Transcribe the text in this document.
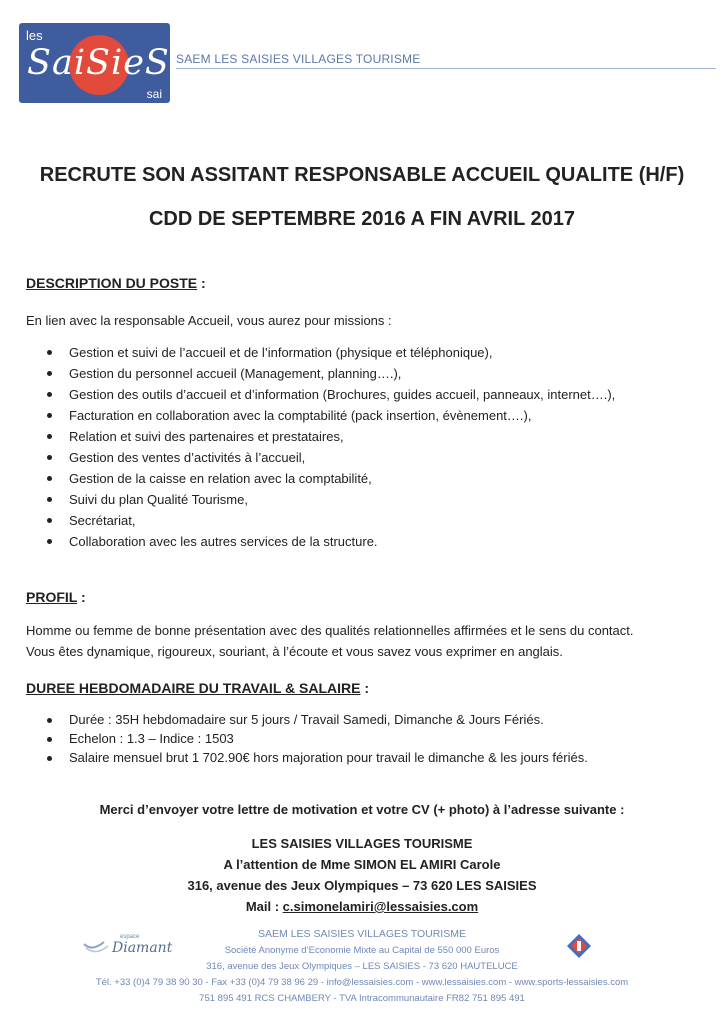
les
SaiSieS
sai
SAEM LES SAISIES VILLAGES TOURISME
RECRUTE SON ASSITANT RESPONSABLE ACCUEIL QUALITE (H/F)
CDD DE SEPTEMBRE 2016 A FIN AVRIL 2017
DESCRIPTION DU POSTE :
En lien avec la responsable Accueil, vous aurez pour missions :
Gestion et suivi de l’accueil et de l’information (physique et téléphonique),
Gestion du personnel accueil (Management, planning….),
Gestion des outils d’accueil et d’information (Brochures, guides accueil, panneaux, internet….),
Facturation en collaboration avec la comptabilité (pack insertion, évènement….),
Relation et suivi des partenaires et prestataires,
Gestion des ventes d’activités à l’accueil,
Gestion de la caisse en relation avec la comptabilité,
Suivi du plan Qualité Tourisme,
Secrétariat,
Collaboration avec les autres services de la structure.
PROFIL :
Homme ou femme de bonne présentation avec des qualités relationnelles affirmées et le sens du contact.
Vous êtes dynamique, rigoureux, souriant, à l’écoute et vous savez vous exprimer en anglais.
DUREE HEBDOMADAIRE DU TRAVAIL & SALAIRE :
Durée : 35H hebdomadaire sur 5 jours / Travail Samedi, Dimanche & Jours Fériés.
Echelon : 1.3 – Indice : 1503
Salaire mensuel brut 1 702.90€ hors majoration pour travail le dimanche & les jours fériés.
Merci d’envoyer votre lettre de motivation et votre CV (+ photo) à l’adresse suivante :
LES SAISIES VILLAGES TOURISME
A l’attention de Mme SIMON EL AMIRI Carole
316, avenue des Jeux Olympiques – 73 620 LES SAISIES
Mail : c.simonelamiri@lessaisies.com
espace
Diamant
SAEM LES SAISIES VILLAGES TOURISME
Société Anonyme d’Economie Mixte au Capital de 550 000 Euros
316, avenue des Jeux Olympiques – LES SAISIES - 73 620 HAUTELUCE
Tél. +33 (0)4 79 38 90 30 - Fax +33 (0)4 79 38 96 29 - info@lessaisies.com - www.lessaisies.com - www.sports-lessaisies.com
751 895 491 RCS CHAMBERY - TVA Intracommunautaire FR82 751 895 491
